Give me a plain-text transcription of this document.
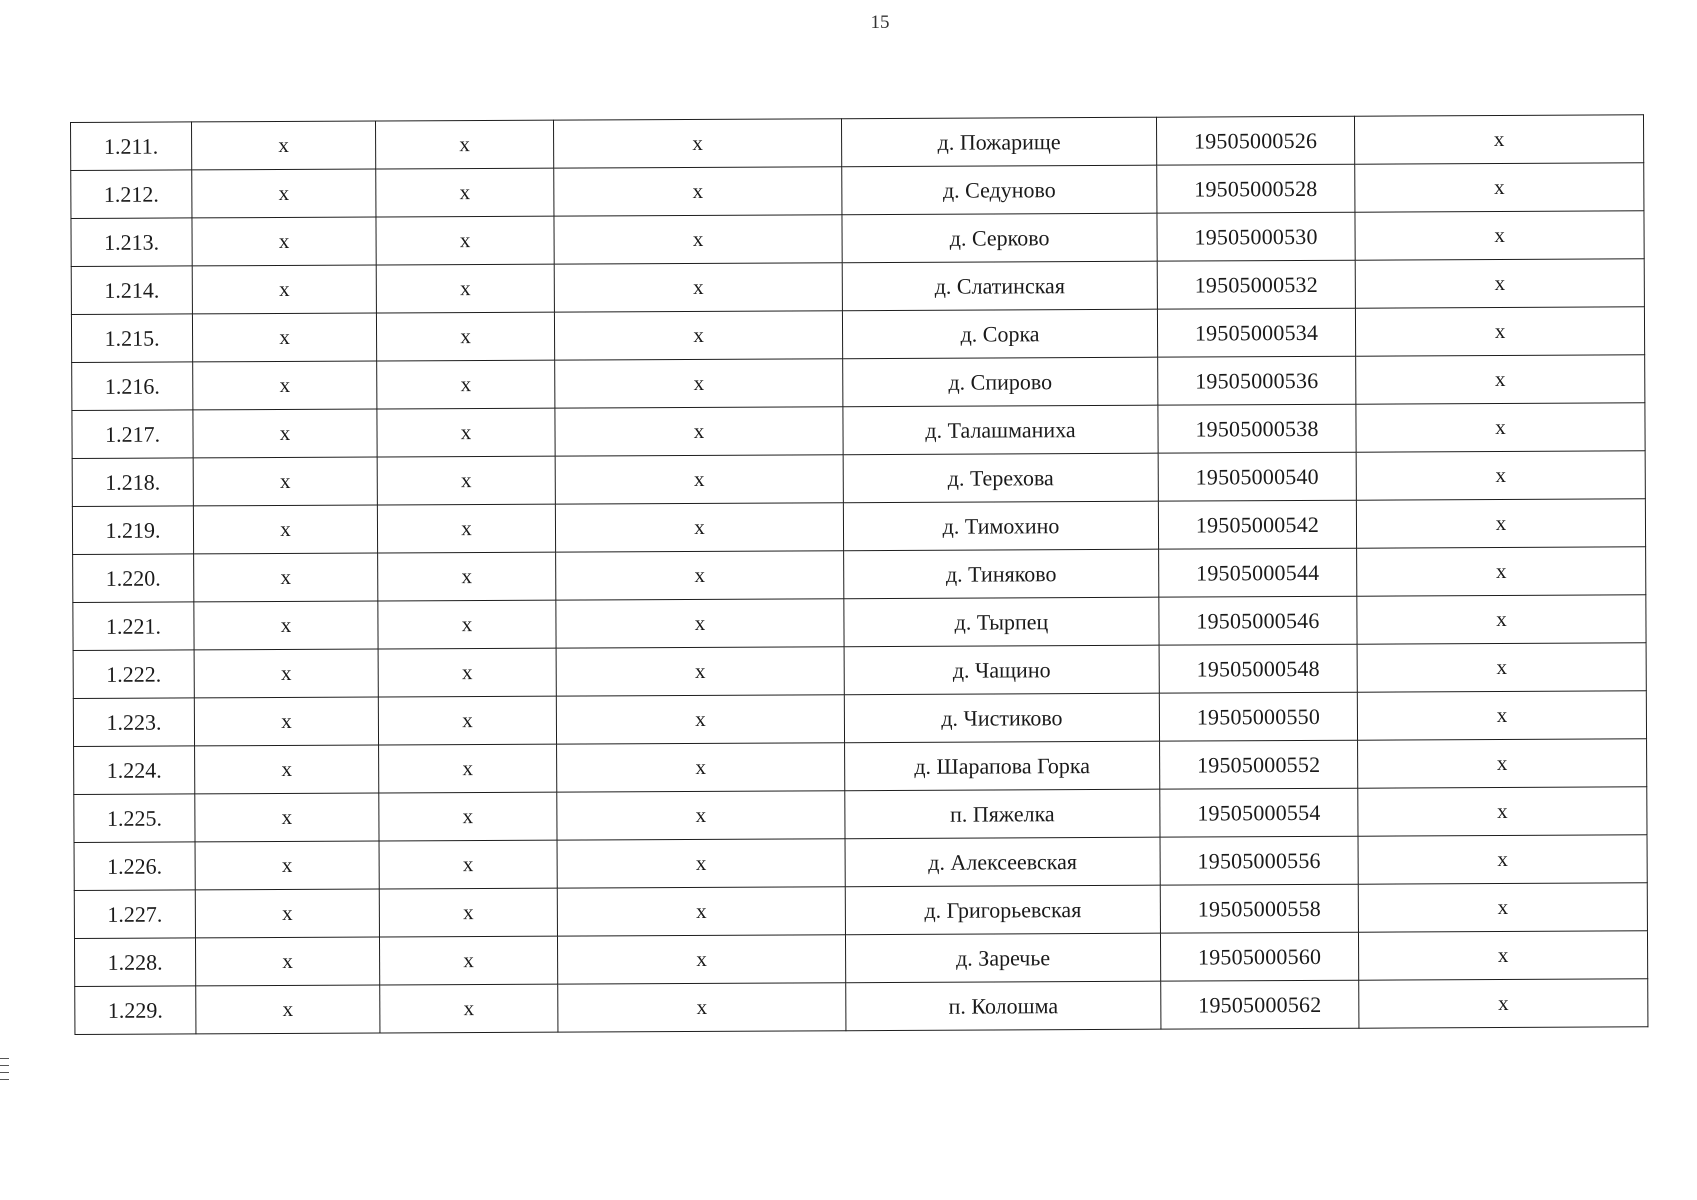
15
1.211.	х	х	х	д. Пожарище	19505000526	х
1.212.	х	х	х	д. Седуново	19505000528	х
1.213.	х	х	х	д. Серково	19505000530	х
1.214.	х	х	х	д. Слатинская	19505000532	х
1.215.	х	х	х	д. Сорка	19505000534	х
1.216.	х	х	х	д. Спирово	19505000536	х
1.217.	х	х	х	д. Талашманиха	19505000538	х
1.218.	х	х	х	д. Терехова	19505000540	х
1.219.	х	х	х	д. Тимохино	19505000542	х
1.220.	х	х	х	д. Тиняково	19505000544	х
1.221.	х	х	х	д. Тырпец	19505000546	х
1.222.	х	х	х	д. Чащино	19505000548	х
1.223.	х	х	х	д. Чистиково	19505000550	х
1.224.	х	х	х	д. Шарапова Горка	19505000552	х
1.225.	х	х	х	п. Пяжелка	19505000554	х
1.226.	х	х	х	д. Алексеевская	19505000556	х
1.227.	х	х	х	д. Григорьевская	19505000558	х
1.228.	х	х	х	д. Заречье	19505000560	х
1.229.	х	х	х	п. Колошма	19505000562	х
